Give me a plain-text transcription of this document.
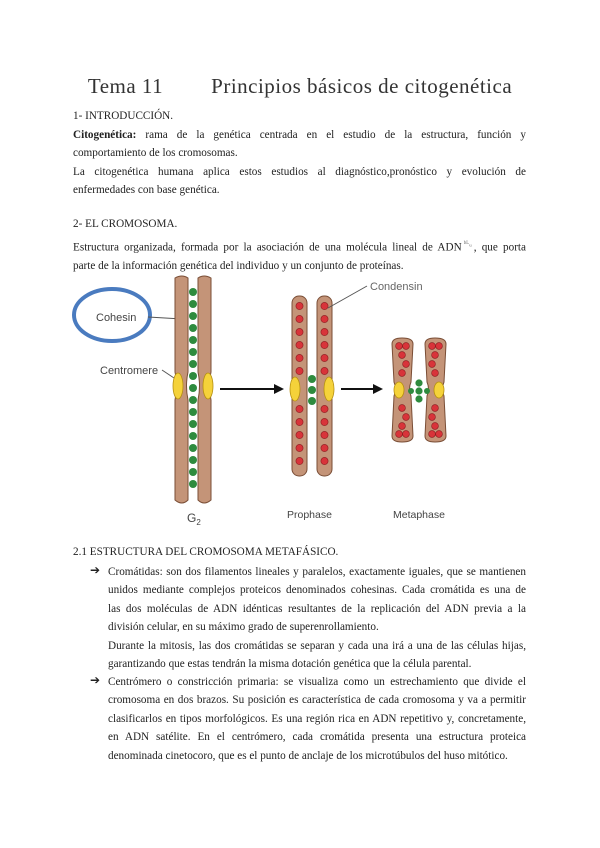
Tema 11 Principios básicos de citogenética
1- INTRODUCCIÓN.
Citogenética: rama de la genética centrada en el estudio de la estructura, función y
comportamiento de los cromosomas.
La citogenética humana aplica estos estudios al diagnóstico,pronóstico y evolución de
enfermedades con base genética.
2- EL CROMOSOMA.
Estructura organizada, formada por la asociación de una molécula lineal de ADN $^{ᵇᴸᵤ}$ , que porta
parte de la información genética del individuo y un conjunto de proteínas.
Cohesin
Centromere
$G_2$
Prophase
Condensin
Metaphase
2.1 ESTRUCTURA DEL CROMOSOMA METAFÁSICO.
➔ Cromátidas: son dos filamentos lineales y paralelos, exactamente iguales, que se mantienen
unidos mediante complejos proteicos denominados cohesinas. Cada cromátida es una de
las dos moléculas de ADN idénticas resultantes de la replicación del ADN previa a la
división celular, en su máximo grado de superenrollamiento.
Durante la mitosis, las dos cromátidas se separan y cada una irá a una de las células hijas,
garantizando que estas tendrán la misma dotación genética que la célula parental.
➔ Centrómero o constricción primaria: se visualiza como un estrechamiento que divide el
cromosoma en dos brazos. Su posición es característica de cada cromosoma y va a permitir
clasificarlos en tipos morfológicos. Es una región rica en ADN repetitivo y, concretamente,
en ADN satélite. En el centrómero, cada cromátida presenta una estructura proteica
denominada cinetocoro, que es el punto de anclaje de los microtúbulos del huso mitótico.
